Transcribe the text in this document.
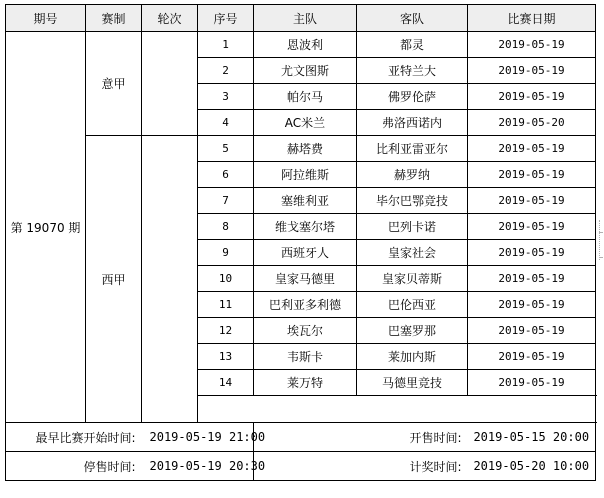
期号	赛制	轮次	序号	主队	客队	比赛日期
第 19070 期	意甲		1	恩波利	都灵	2019-05-19
			2	尤文图斯	亚特兰大	2019-05-19
			3	帕尔马	佛罗伦萨	2019-05-19
			4	AC米兰	弗洛西诺内	2019-05-20
	西甲		5	赫塔费	比利亚雷亚尔	2019-05-19
			6	阿拉维斯	赫罗纳	2019-05-19
			7	塞维利亚	毕尔巴鄂竞技	2019-05-19
			8	维戈塞尔塔	巴列卡诺	2019-05-19
			9	西班牙人	皇家社会	2019-05-19
			10	皇家马德里	皇家贝蒂斯	2019-05-19
			11	巴利亚多利德	巴伦西亚	2019-05-19
			12	埃瓦尔	巴塞罗那	2019-05-19
			13	韦斯卡	莱加内斯	2019-05-19
			14	莱万特	马德里竞技	2019-05-19

最早比赛开始时间:		2019-05-19 21:00		开售时间:		2019-05-15 20:00
停售时间:		2019-05-19 20:30		计奖时间:		2019-05-20 10:00
